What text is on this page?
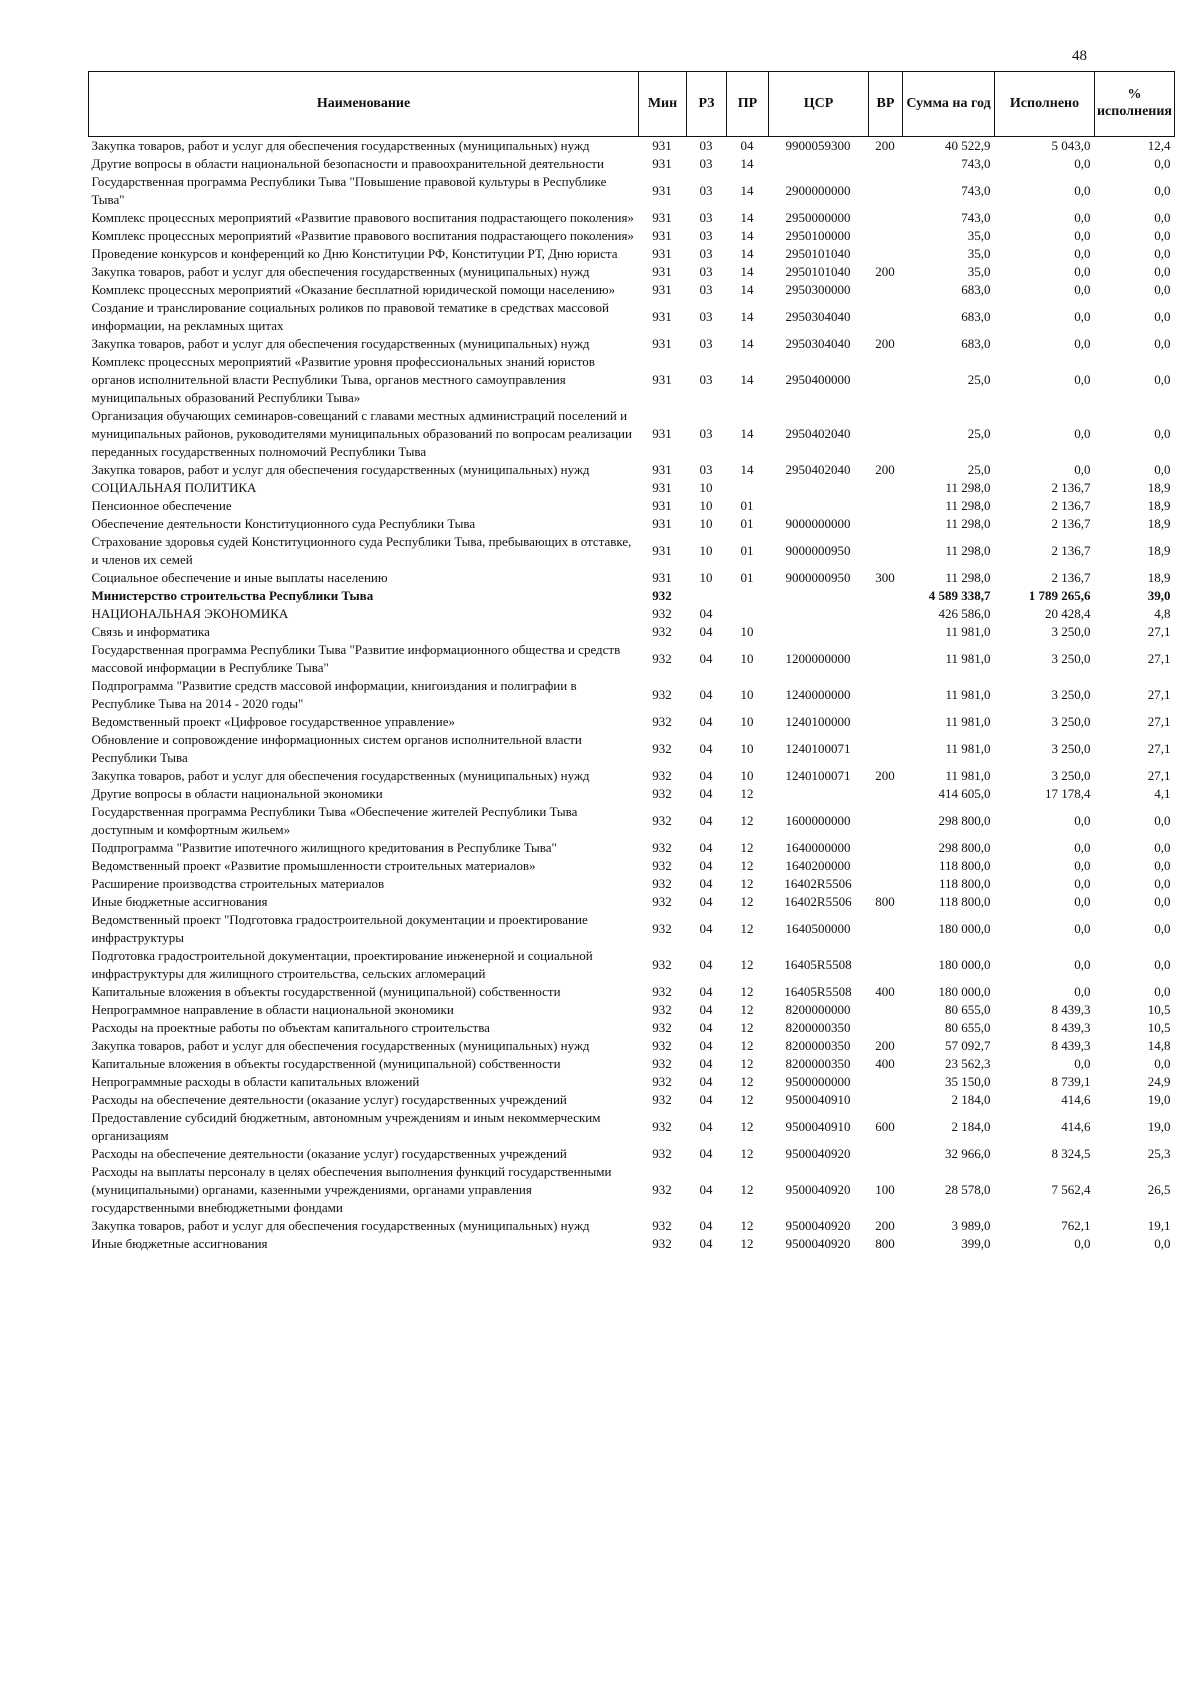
48
Наименование	Мин	РЗ	ПР	ЦСР	ВР	Сумма на год	Исполнено	% исполнения
Закупка товаров, работ и услуг для обеспечения государственных (муниципальных) нужд	931	03	04	9900059300	200	40 522,9	5 043,0	12,4
Другие вопросы в области национальной безопасности и правоохранительной деятельности	931	03	14			743,0	0,0	0,0
Государственная программа Республики Тыва "Повышение правовой культуры в Республике Тыва"	931	03	14	2900000000		743,0	0,0	0,0
Комплекс процессных мероприятий «Развитие правового воспитания подрастающего поколения»	931	03	14	2950000000		743,0	0,0	0,0
Комплекс процессных мероприятий «Развитие правового воспитания подрастающего поколения»	931	03	14	2950100000		35,0	0,0	0,0
Проведение конкурсов и конференций ко Дню Конституции РФ, Конституции РТ, Дню юриста	931	03	14	2950101040		35,0	0,0	0,0
Закупка товаров, работ и услуг для обеспечения государственных (муниципальных) нужд	931	03	14	2950101040	200	35,0	0,0	0,0
Комплекс процессных мероприятий «Оказание бесплатной юридической помощи населению»	931	03	14	2950300000		683,0	0,0	0,0
Создание и транслирование социальных роликов по правовой тематике в средствах массовой информации, на рекламных щитах	931	03	14	2950304040		683,0	0,0	0,0
Закупка товаров, работ и услуг для обеспечения государственных (муниципальных) нужд	931	03	14	2950304040	200	683,0	0,0	0,0
Комплекс процессных мероприятий «Развитие уровня профессиональных знаний юристов органов исполнительной власти Республики Тыва, органов местного самоуправления муниципальных образований Республики Тыва»	931	03	14	2950400000		25,0	0,0	0,0
Организация обучающих семинаров-совещаний с главами местных администраций поселений и муниципальных районов, руководителями муниципальных образований по вопросам реализации переданных государственных полномочий Республики Тыва	931	03	14	2950402040		25,0	0,0	0,0
Закупка товаров, работ и услуг для обеспечения государственных (муниципальных) нужд	931	03	14	2950402040	200	25,0	0,0	0,0
СОЦИАЛЬНАЯ ПОЛИТИКА	931	10				11 298,0	2 136,7	18,9
Пенсионное обеспечение	931	10	01			11 298,0	2 136,7	18,9
Обеспечение деятельности Конституционного суда Республики Тыва	931	10	01	9000000000		11 298,0	2 136,7	18,9
Страхование здоровья судей Конституционного суда Республики Тыва, пребывающих в отставке, и членов их семей	931	10	01	9000000950		11 298,0	2 136,7	18,9
Социальное обеспечение и иные выплаты населению	931	10	01	9000000950	300	11 298,0	2 136,7	18,9
Министерство строительства Республики Тыва	932					4 589 338,7	1 789 265,6	39,0
НАЦИОНАЛЬНАЯ ЭКОНОМИКА	932	04				426 586,0	20 428,4	4,8
Связь и информатика	932	04	10			11 981,0	3 250,0	27,1
Государственная программа Республики Тыва "Развитие информационного общества и средств массовой информации в Республике Тыва"	932	04	10	1200000000		11 981,0	3 250,0	27,1
Подпрограмма "Развитие средств массовой информации, книгоиздания и полиграфии в Республике Тыва на 2014 - 2020 годы"	932	04	10	1240000000		11 981,0	3 250,0	27,1
Ведомственный проект «Цифровое государственное управление»	932	04	10	1240100000		11 981,0	3 250,0	27,1
Обновление и сопровождение информационных систем органов исполнительной власти Республики Тыва	932	04	10	1240100071		11 981,0	3 250,0	27,1
Закупка товаров, работ и услуг для обеспечения государственных (муниципальных) нужд	932	04	10	1240100071	200	11 981,0	3 250,0	27,1
Другие вопросы в области национальной экономики	932	04	12			414 605,0	17 178,4	4,1
Государственная программа Республики Тыва «Обеспечение жителей Республики Тыва доступным и комфортным жильем»	932	04	12	1600000000		298 800,0	0,0	0,0
Подпрограмма "Развитие ипотечного жилищного кредитования в Республике Тыва"	932	04	12	1640000000		298 800,0	0,0	0,0
Ведомственный проект «Развитие промышленности строительных материалов»	932	04	12	1640200000		118 800,0	0,0	0,0
Расширение производства строительных материалов	932	04	12	16402R5506		118 800,0	0,0	0,0
Иные бюджетные ассигнования	932	04	12	16402R5506	800	118 800,0	0,0	0,0
Ведомственный проект "Подготовка градостроительной документации и проектирование инфраструктуры	932	04	12	1640500000		180 000,0	0,0	0,0
Подготовка градостроительной документации, проектирование инженерной и социальной инфраструктуры для жилищного строительства, сельских агломераций	932	04	12	16405R5508		180 000,0	0,0	0,0
Капитальные вложения в объекты государственной (муниципальной) собственности	932	04	12	16405R5508	400	180 000,0	0,0	0,0
Непрограммное направление в области национальной экономики	932	04	12	8200000000		80 655,0	8 439,3	10,5
Расходы на проектные работы по объектам капитального строительства	932	04	12	8200000350		80 655,0	8 439,3	10,5
Закупка товаров, работ и услуг для обеспечения государственных (муниципальных) нужд	932	04	12	8200000350	200	57 092,7	8 439,3	14,8
Капитальные вложения в объекты государственной (муниципальной) собственности	932	04	12	8200000350	400	23 562,3	0,0	0,0
Непрограммные расходы в области капитальных вложений	932	04	12	9500000000		35 150,0	8 739,1	24,9
Расходы на обеспечение деятельности (оказание услуг) государственных учреждений	932	04	12	9500040910		2 184,0	414,6	19,0
Предоставление субсидий бюджетным, автономным учреждениям и иным некоммерческим организациям	932	04	12	9500040910	600	2 184,0	414,6	19,0
Расходы на обеспечение деятельности (оказание услуг) государственных учреждений	932	04	12	9500040920		32 966,0	8 324,5	25,3
Расходы на выплаты персоналу в целях обеспечения выполнения функций государственными (муниципальными) органами, казенными учреждениями, органами управления государственными внебюджетными фондами	932	04	12	9500040920	100	28 578,0	7 562,4	26,5
Закупка товаров, работ и услуг для обеспечения государственных (муниципальных) нужд	932	04	12	9500040920	200	3 989,0	762,1	19,1
Иные бюджетные ассигнования	932	04	12	9500040920	800	399,0	0,0	0,0
